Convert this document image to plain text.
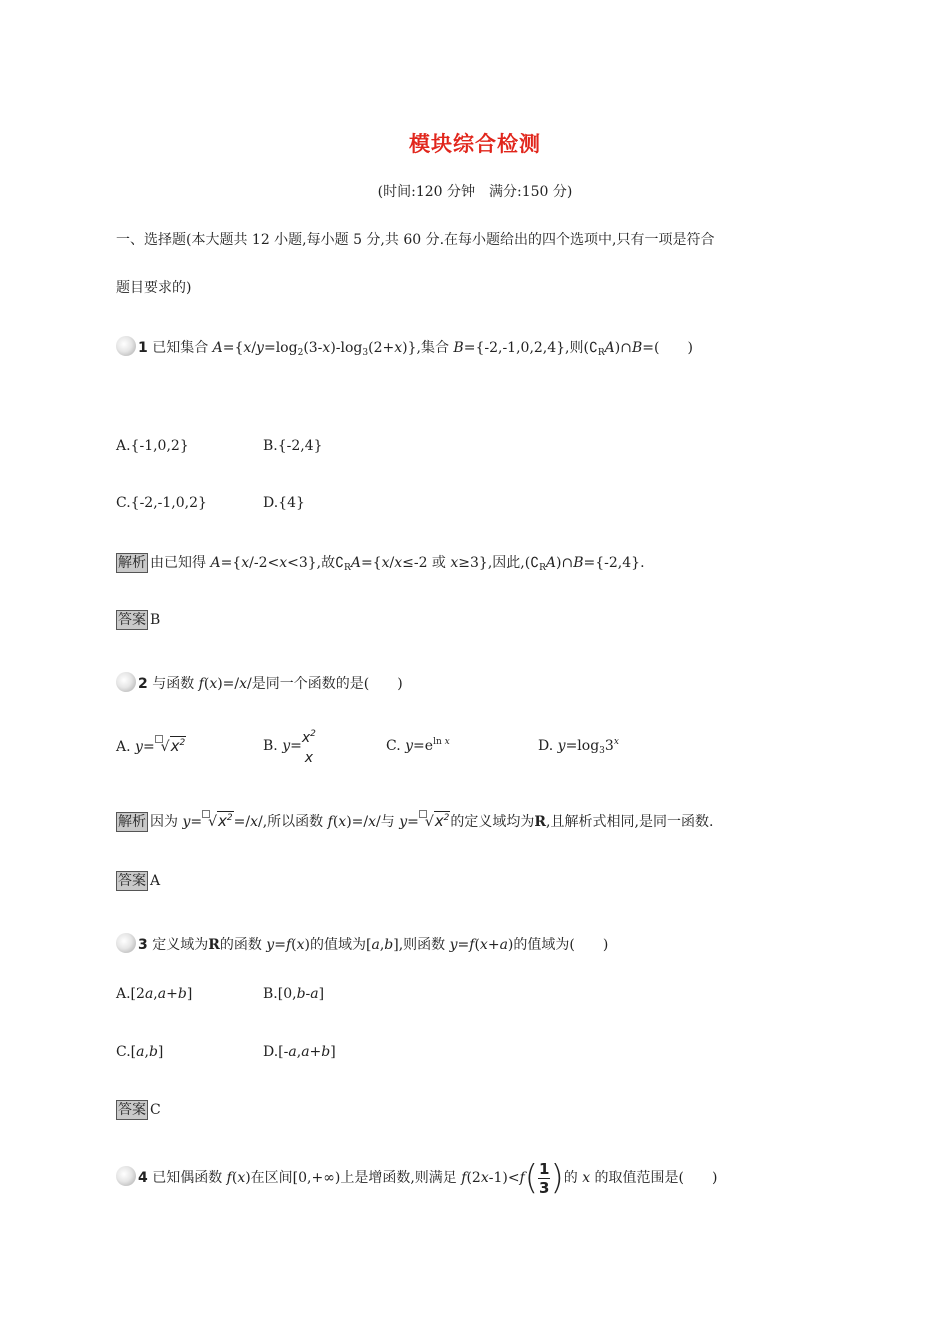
模块综合检测
(时间:120 分钟　满分:150 分)
一、选择题(本大题共 12 小题,每小题 5 分,共 60 分.在每小题给出的四个选项中,只有一项是符合
题目要求的)
1 已知集合 $A=\{x/y=\log_2(3-x)-\log_3(2+x)\}$,集合 B={-2,-1,0,2,4},则$(∁_RA)\cap B=$(　　)
A.{-1,0,2}	B.{-2,4}
C.{-2,-1,0,2}	D.{4}
解析 由已知得 A={x/-2<x<3},故$∁_RA=\{x/x\le-2$ 或 x≥3},因此$,(∁_RA)\cap B=\{-2,4\}$.
答案 B
2 与函数 f(x)=/x/是同一个函数的是(　　)
A. $y= √x^2$	B. $y= x^2$
x
C. $y=e^{ln x}$	D. $y=\log_33^x$
解析 因为 $y= √x^2=/x/$,所以函数 f(x)=/x/与 $y= √x^2$的定义域均为R,且解析式相同,是同一函数.
答案 A
3 定义域为R的函数 y=f(x)的值域为[a,b],则函数 y=f(x+a)的值域为(　　)
A.[2a,a+b]	B.[0,b-a]
C.[a,b]	D.[-a,a+b]
答案 C
4 已知偶函数 f(x)在区间[0,+∞)上是增函数,则满足 $f(2x-1)<f( \frac{1}{3}$ )的 x 的取值范围是(　　)
